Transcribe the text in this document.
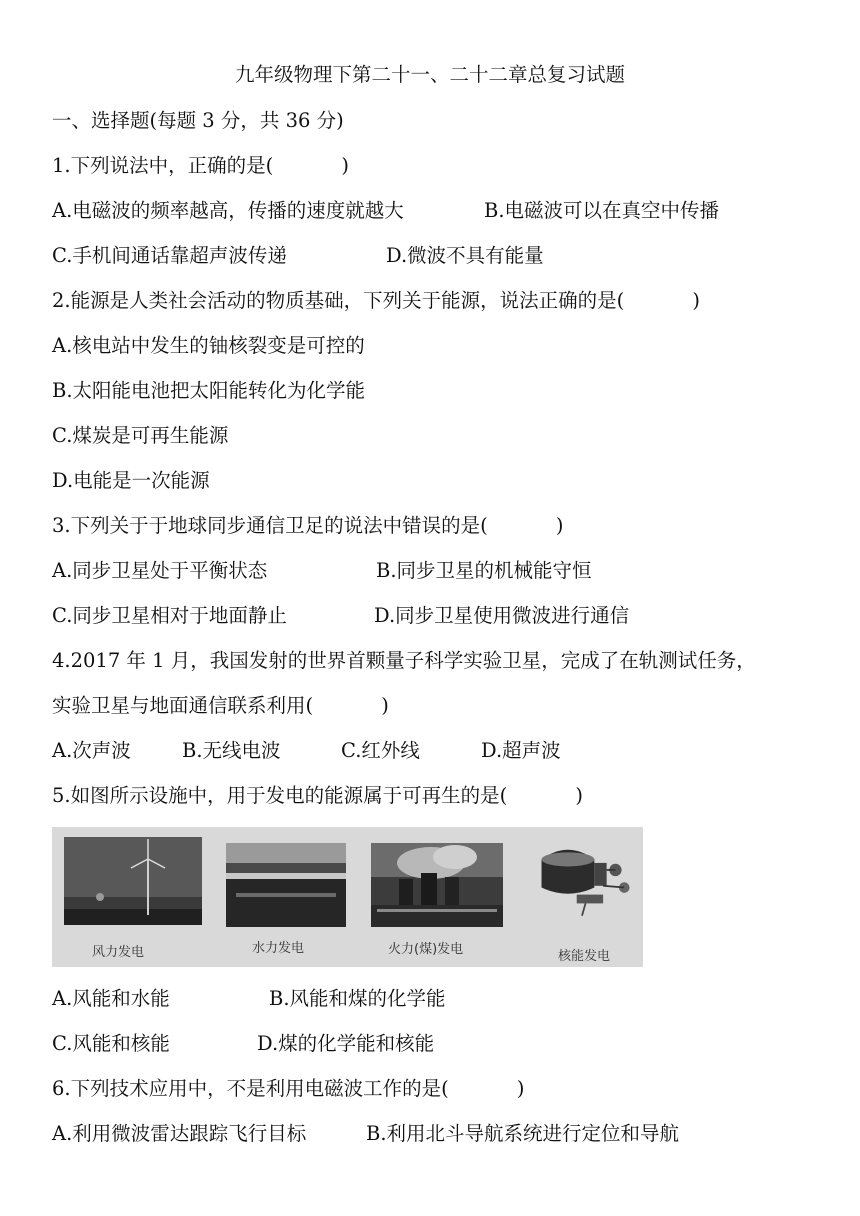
九年级物理下第二十一、二十二章总复习试题
一、选择题(每题 3 分，共 36 分)
1.下列说法中，正确的是(           )
A.电磁波的频率越高，传播的速度就越大	B.电磁波可以在真空中传播
C.手机间通话靠超声波传递	D.微波不具有能量
2.能源是人类社会活动的物质基础，下列关于能源，说法正确的是(           )
A.核电站中发生的铀核裂变是可控的
B.太阳能电池把太阳能转化为化学能
C.煤炭是可再生能源
D.电能是一次能源
3.下列关于于地球同步通信卫足的说法中错误的是(           )
A.同步卫星处于平衡状态	B.同步卫星的机械能守恒
C.同步卫星相对于地面静止	D.同步卫星使用微波进行通信
4.2017 年 1 月，我国发射的世界首颗量子科学实验卫星，完成了在轨测试任务，
实验卫星与地面通信联系利用(           )
A.次声波	B.无线电波	C.红外线	D.超声波
5.如图所示设施中，用于发电的能源属于可再生的是(           )
风力发电	水力发电	火力(煤)发电	核能发电
A.风能和水能	B.风能和煤的化学能
C.风能和核能	D.煤的化学能和核能
6.下列技术应用中，不是利用电磁波工作的是(           )
A.利用微波雷达跟踪飞行目标	B.利用北斗导航系统进行定位和导航
